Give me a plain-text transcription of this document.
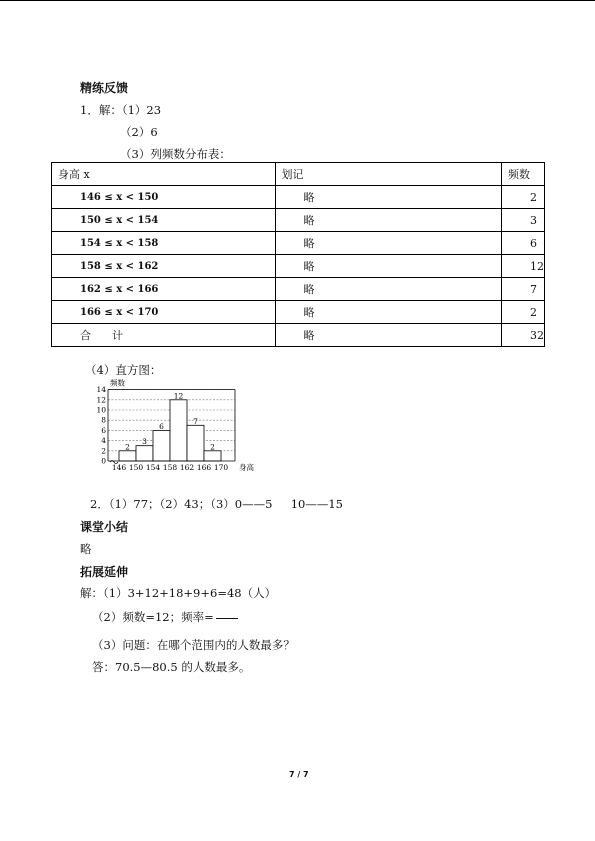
精练反馈
1．解：（1）23
（2）6
（3）列频数分布表：
身高 x	划记	频数
146 ≤ x < 150	略	2
150 ≤ x < 154	略	3
154 ≤ x < 158	略	6
158 ≤ x < 162	略	12
162 ≤ x < 166	略	7
166 ≤ x < 170	略	2
合      计	略	32
（4）直方图：
0
2
4
6
8
10
12
14
146 150 154 158 162 166 170
2
3
6
12
7
2
频数
身高
2．（1）77；（2）43；（3）0——5     10——15
课堂小结
略
拓展延伸
解：（1）3+12+18+9+6=48（人）
（2）频数=12；频率=
（3）问题：在哪个范围内的人数最多？
答：70.5—80.5 的人数最多。
7 / 7
